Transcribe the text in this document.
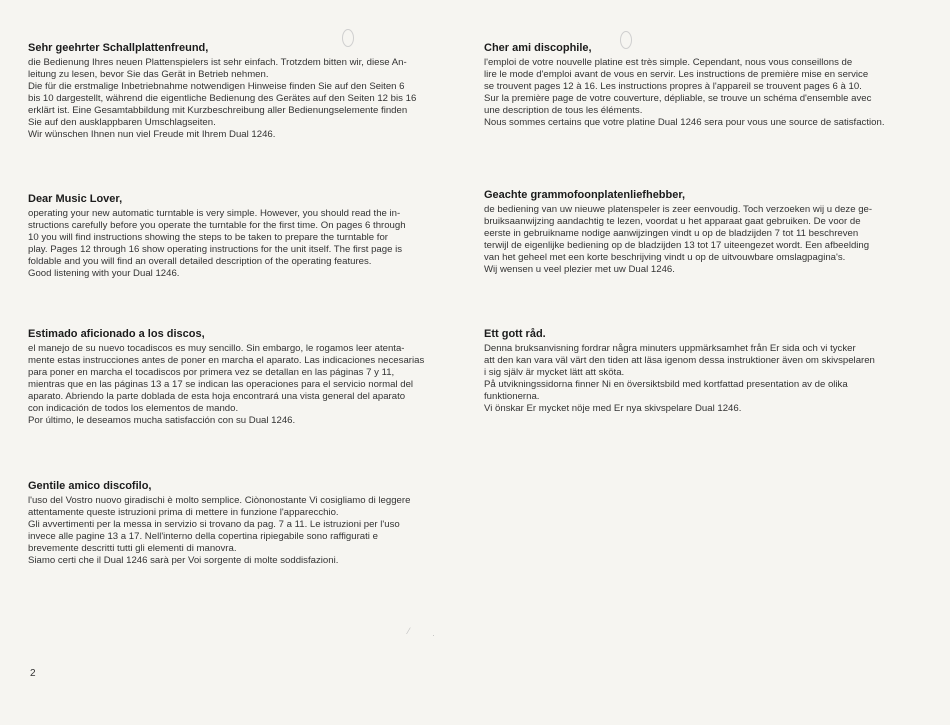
Sehr geehrter Schallplattenfreund,

die Bedienung Ihres neuen Plattenspielers ist sehr einfach. Trotzdem bitten wir, diese An-
leitung zu lesen, bevor Sie das Gerät in Betrieb nehmen.
Die für die erstmalige Inbetriebnahme notwendigen Hinweise finden Sie auf den Seiten 6
bis 10 dargestellt, während die eigentliche Bedienung des Gerätes auf den Seiten 12 bis 16
erklärt ist. Eine Gesamtabbildung mit Kurzbeschreibung aller Bedienungselemente finden
Sie auf den ausklappbaren Umschlagseiten.
Wir wünschen Ihnen nun viel Freude mit Ihrem Dual 1246.

Cher ami discophile,

l'emploi de votre nouvelle platine est très simple. Cependant, nous vous conseillons de
lire le mode d'emploi avant de vous en servir. Les instructions de première mise en service
se trouvent pages 12 à 16. Les instructions propres à l'appareil se trouvent pages 6 à 10.
Sur la première page de votre couverture, dépliable, se trouve un schéma d'ensemble avec
une description de tous les éléments.
Nous sommes certains que votre platine Dual 1246 sera pour vous une source de satisfaction.

Dear Music Lover,

operating your new automatic turntable is very simple. However, you should read the in-
structions carefully before you operate the turntable for the first time. On pages 6 through
10 you will find instructions showing the steps to be taken to prepare the turntable for
play. Pages 12 through 16 show operating instructions for the unit itself. The first page is
foldable and you will find an overall detailed description of the operating features.
Good listening with your Dual 1246.

Geachte grammofoonplatenliefhebber,

de bediening van uw nieuwe platenspeler is zeer eenvoudig. Toch verzoeken wij u deze ge-
bruiksaanwijzing aandachtig te lezen, voordat u het apparaat gaat gebruiken. De voor de
eerste in gebruikname nodige aanwijzingen vindt u op de bladzijden 7 tot 11 beschreven
terwijl de eigenlijke bediening op de bladzijden 13 tot 17 uiteengezet wordt. Een afbeelding
van het geheel met een korte beschrijving vindt u op de uitvouwbare omslagpagina's.
Wij wensen u veel plezier met uw Dual 1246.

Estimado aficionado a los discos,

el manejo de su nuevo tocadiscos es muy sencillo. Sin embargo, le rogamos leer atenta-
mente estas instrucciones antes de poner en marcha el aparato. Las indicaciones necesarias
para poner en marcha el tocadiscos por primera vez se detallan en las páginas 7 y 11,
mientras que en las páginas 13 a 17 se indican las operaciones para el servicio normal del
aparato. Abriendo la parte doblada de esta hoja encontrará una vista general del aparato
con indicación de todos los elementos de mando.
Por último, le deseamos mucha satisfacción con su Dual 1246.

Ett gott råd.

Denna bruksanvisning fordrar några minuters uppmärksamhet från Er sida och vi tycker
att den kan vara väl värt den tiden att läsa igenom dessa instruktioner även om skivspelaren
i sig själv är mycket lätt att sköta.
På utvikningssidorna finner Ni en översiktsbild med kortfattad presentation av de olika
funktionerna.
Vi önskar Er mycket nöje med Er nya skivspelare Dual 1246.

Gentile amico discofilo,

l'uso del Vostro nuovo giradischi è molto semplice. Ciònonostante Vi cosigliamo di leggere
attentamente queste istruzioni prima di mettere in funzione l'apparecchio.
Gli avvertimenti per la messa in servizio si trovano da pag. 7 a 11. Le istruzioni per l'uso
invece alle pagine 13 a 17. Nell'interno della copertina ripiegabile sono raffigurati e
brevemente descritti tutti gli elementi di manovra.
Siamo certi che il Dual 1246 sarà per Voi sorgente di molte soddisfazioni.

⁄ ·
2
